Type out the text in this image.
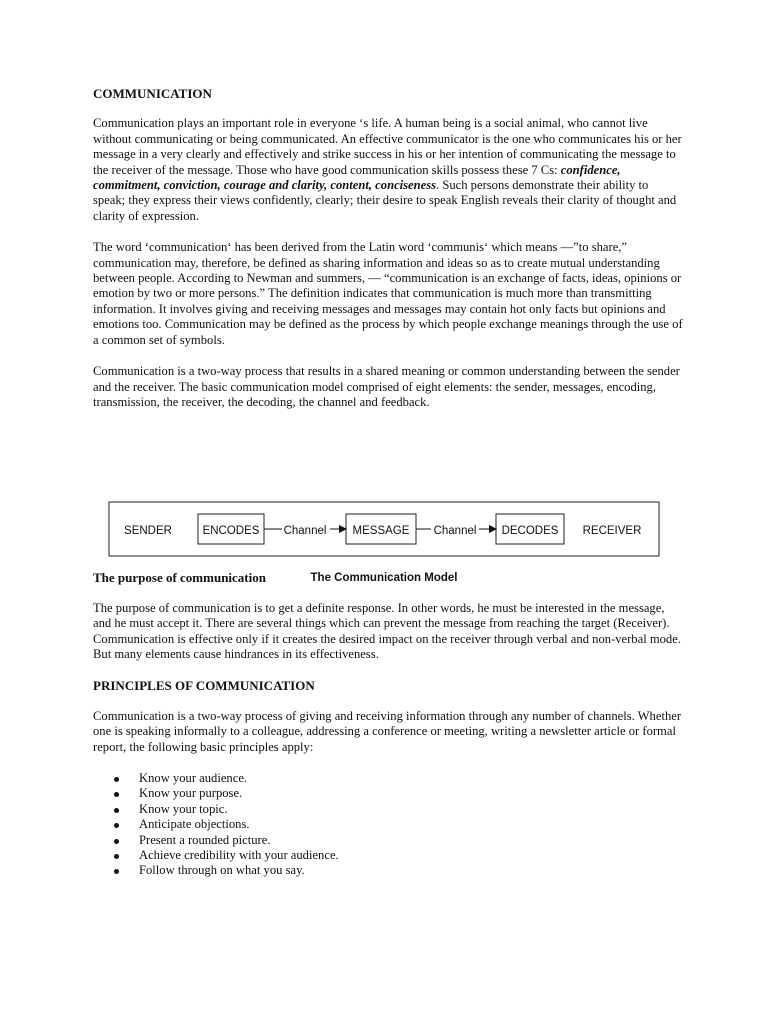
COMMUNICATION

Communication plays an important role in everyone ‘s life. A human being is a social animal, who cannot live without communicating or being communicated. An effective communicator is the one who communicates his or her message in a very clearly and effectively and strike success in his or her intention of communicating the message to the receiver of the message. Those who have good communication skills possess these 7 Cs: confidence, commitment, conviction, courage and clarity, content, conciseness. Such persons demonstrate their ability to speak; they express their views confidently, clearly; their desire to speak English reveals their clarity of thought and clarity of expression.

The word ‘communication‘ has been derived from the Latin word ‘communis‘ which means —”to share,” communication may, therefore, be defined as sharing information and ideas so as to create mutual understanding between people. According to Newman and summers, — “communication is an exchange of facts, ideas, opinions or emotion by two or more persons.” The definition indicates that communication is much more than transmitting information. It involves giving and receiving messages and messages may contain hot only facts but opinions and emotions too. Communication may be defined as the process by which people exchange meanings through the use of a common set of symbols.

Communication is a two-way process that results in a shared meaning or common understanding between the sender and the receiver. The basic communication model comprised of eight elements: the sender, messages, encoding, transmission, the receiver, the decoding, the channel and feedback.

The purpose of communication

The purpose of communication is to get a definite response. In other words, he must be interested in the message, and he must accept it. There are several things which can prevent the message from reaching the target (Receiver). Communication is effective only if it creates the desired impact on the receiver through verbal and non-verbal mode. But many elements cause hindrances in its effectiveness.

PRINCIPLES OF COMMUNICATION

Communication is a two-way process of giving and receiving information through any number of channels. Whether one is speaking informally to a colleague, addressing a conference or meeting, writing a newsletter article or formal report, the following basic principles apply:

Know your audience.
Know your purpose.
Know your topic.
Anticipate objections.
Present a rounded picture.
Achieve credibility with your audience.
Follow through on what you say.
SENDER	ENCODES Channel MESSAGE Channel DECODES RECEIVER
The Communication Model
